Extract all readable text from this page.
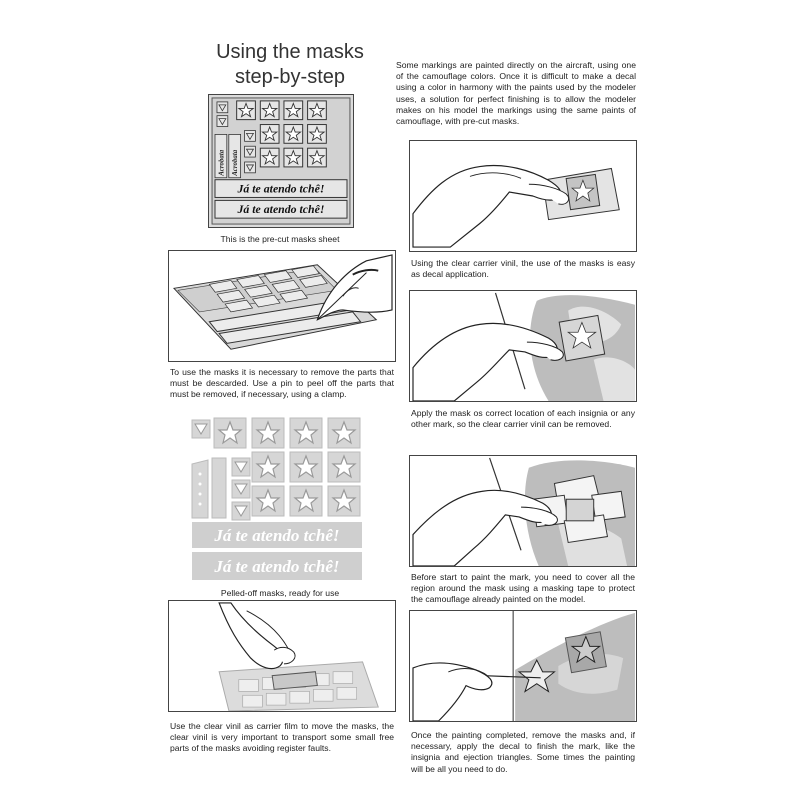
Using the masks
step-by-step
Some markings are painted directly on the aircraft, using one of the camouflage colors. Once it is difficult to make a decal using a color in harmony with the paints used by the modeler uses, a solution for perfect finishing is to allow the modeler makes on his model the markings using the same paints of camouflage, with pre-cut masks.
Acrobata Acrobata
Já te atendo tchê!
Já te atendo tchê!
This is the pre-cut masks sheet
To use the masks it is necessary to remove the parts that must be descarded. Use a pin to peel off the parts that must be removed, if necessary, using a clamp.
Já te atendo tchê!
Já te atendo tchê!
Pelled-off masks, ready for use
Use the clear vinil as carrier film to move the masks, the clear vinil is very important to transport some small free parts of the masks avoiding register faults.
Using the clear carrier vinil, the use of the masks is easy as decal application.
Apply the mask os correct location of each insignia or any other mark, so the clear carrier vinil can be removed.
Before start to paint the mark, you need to cover all the region around the mask using a masking tape to protect the camouflage already painted on the model.
Once the painting completed, remove the masks and, if necessary, apply the decal to finish the mark, like the insignia and ejection triangles. Some times the painting will be all you need to do.
